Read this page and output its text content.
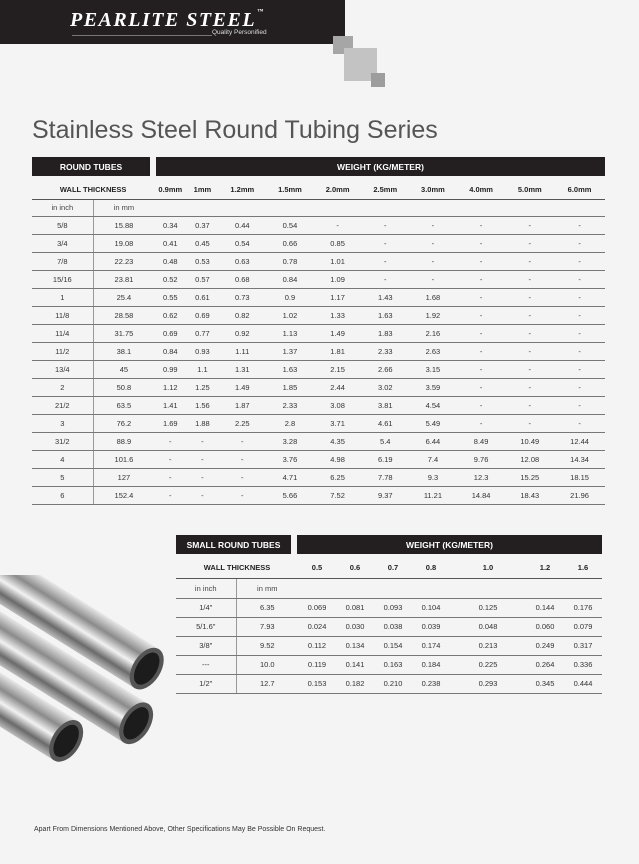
PEARLITE STEEL™
Quality Personified
Stainless Steel Round Tubing Series
ROUND TUBES	WEIGHT (KG/METER)
WALL THICKNESS		0.9mm	1mm	1.2mm	1.5mm	2.0mm	2.5mm	3.0mm	4.0mm	5.0mm	6.0mm
in inch	in mm										
5/8	15.88	0.34	0.37	0.44	0.54	-	-	-	-	-	-
3/4	19.08	0.41	0.45	0.54	0.66	0.85	-	-	-	-	-
7/8	22.23	0.48	0.53	0.63	0.78	1.01	-	-	-	-	-
15/16	23.81	0.52	0.57	0.68	0.84	1.09	-	-	-	-	-
1	25.4	0.55	0.61	0.73	0.9	1.17	1.43	1.68	-	-	-
11/8	28.58	0.62	0.69	0.82	1.02	1.33	1.63	1.92	-	-	-
11/4	31.75	0.69	0.77	0.92	1.13	1.49	1.83	2.16	-	-	-
11/2	38.1	0.84	0.93	1.11	1.37	1.81	2.33	2.63	-	-	-
13/4	45	0.99	1.1	1.31	1.63	2.15	2.66	3.15	-	-	-
2	50.8	1.12	1.25	1.49	1.85	2.44	3.02	3.59	-	-	-
21/2	63.5	1.41	1.56	1.87	2.33	3.08	3.81	4.54	-	-	-
3	76.2	1.69	1.88	2.25	2.8	3.71	4.61	5.49	-	-	-
31/2	88.9	-	-	-	3.28	4.35	5.4	6.44	8.49	10.49	12.44
4	101.6	-	-	-	3.76	4.98	6.19	7.4	9.76	12.08	14.34
5	127	-	-	-	4.71	6.25	7.78	9.3	12.3	15.25	18.15
6	152.4	-	-	-	5.66	7.52	9.37	11.21	14.84	18.43	21.96
SMALL ROUND TUBES	WEIGHT (KG/METER)
WALL THICKNESS		0.5	0.6	0.7	0.8	1.0	1.2	1.6
in inch	in mm							
1/4"	6.35	0.069	0.081	0.093	0.104	0.125	0.144	0.176
5/1.6"	7.93	0.024	0.030	0.038	0.039	0.048	0.060	0.079
3/8"	9.52	0.112	0.134	0.154	0.174	0.213	0.249	0.317
---	10.0	0.119	0.141	0.163	0.184	0.225	0.264	0.336
1/2"	12.7	0.153	0.182	0.210	0.238	0.293	0.345	0.444
Apart From Dimensions Mentioned Above, Other Specifications May Be Possible On Request.
